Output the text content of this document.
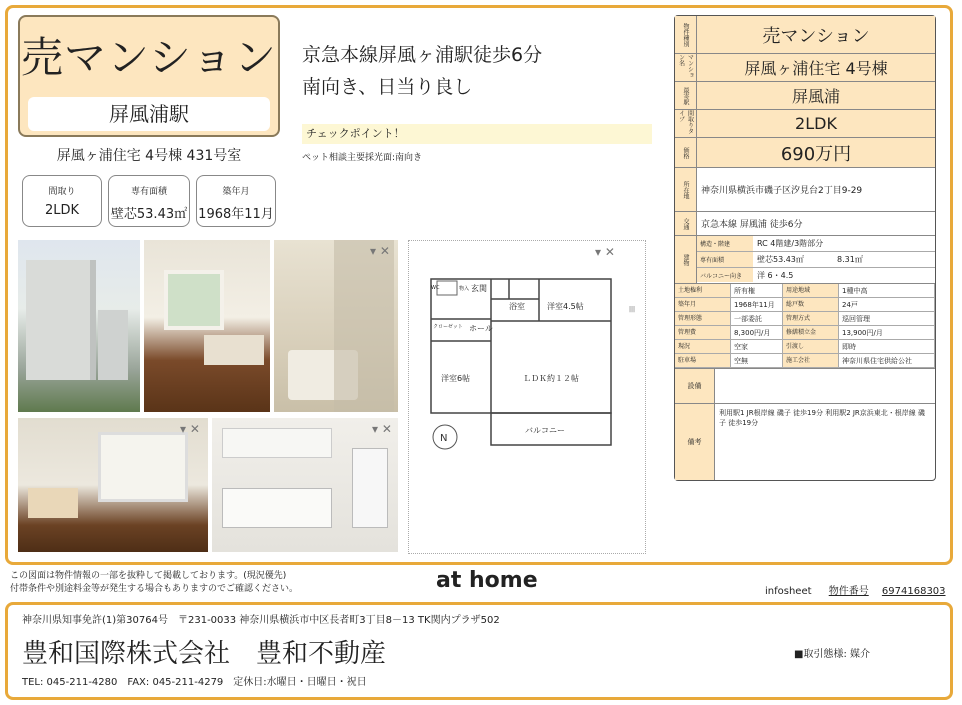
売マンション
屏風浦駅
屏風ヶ浦住宅 4号棟 431号室
間取り
2LDK
専有面積
壁芯53.43㎡
築年月
1968年11月
京急本線屏風ヶ浦駅徒歩6分
南向き、日当り良し
チェックポイント！
ペット相談主要採光面:南向き
▾ ✕
▾ ✕	▾ ✕
▾ ✕
|||
N
玄関
浴室	洋室4.5帖
ホール
洋室6帖	ＬＤＫ約１２帖
バルコニー
クローゼット
WC	物入
物件種別	売マンション
マンション名	屏風ヶ浦住宅 4号棟
最寄駅	屏風浦
間取りタイプ	2LDK
価格	690万円
所在地	神奈川県横浜市磯子区汐見台2丁目9-29
交通	京急本線 屏風浦 徒歩6分
建物
構造・階建	RC 4階建/3階部分
専有面積	壁芯53.43㎡	8.31㎡
バルコニー向き	洋 6・4.5
土地権利	所有権	用途地域	1種中高
築年月	1968年11月	総戸数	24戸
管理形態	一部委託	管理方式	巡回管理
管理費	8,300円/月	修繕積立金	13,900円/月
現況	空家	引渡し	即時
駐車場	空無	施工会社	神奈川県住宅供給公社
設備
備考
利用駅1 JR根岸線 磯子 徒歩19分 利用駅2 JR京浜東北・根岸線 磯子 徒歩19分
この図面は物件情報の一部を抜粋して掲載しております。(現況優先)
付帯条件や別途料金等が発生する場合もありますのでご確認ください。	at home	infosheet 物件番号 6974168303
神奈川県知事免許(1)第30764号　〒231-0033 神奈川県横浜市中区長者町3丁目8－13 TK関内プラザ502
豊和国際株式会社　豊和不動産
TEL: 045-211-4280　FAX: 045-211-4279　定休日:水曜日・日曜日・祝日
■取引態様: 媒介
